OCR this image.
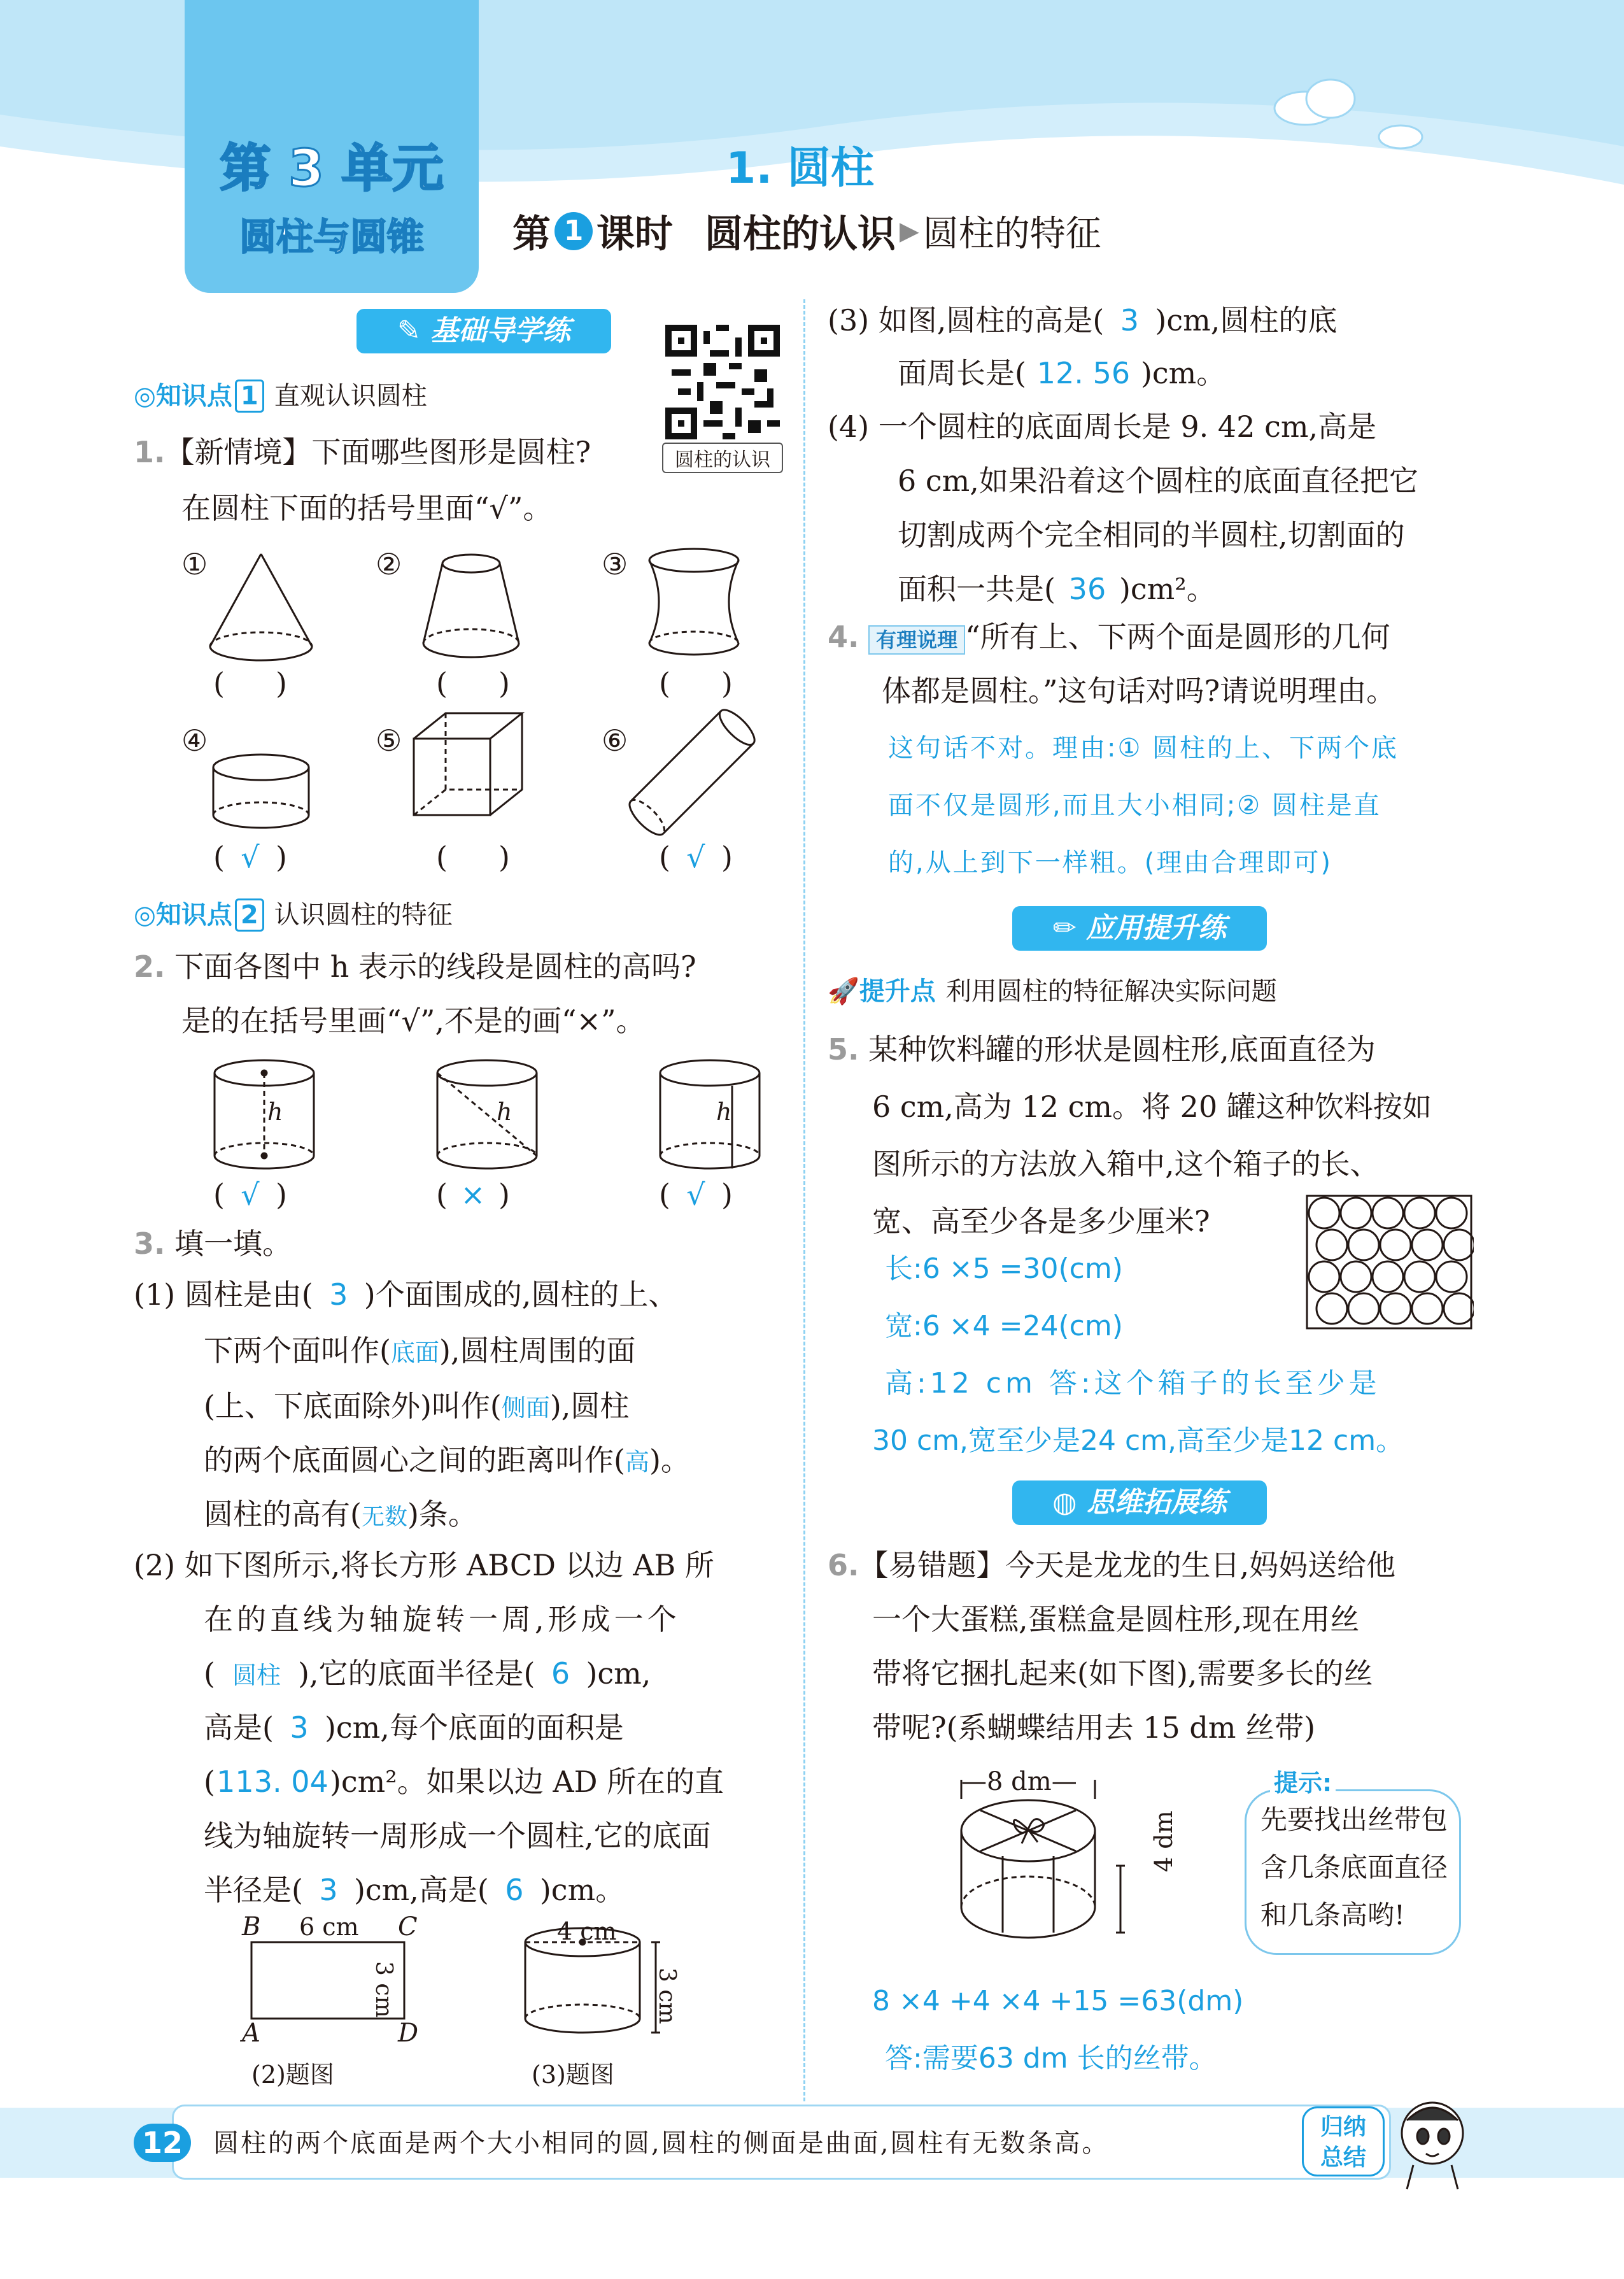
第 3 单元
圆柱与圆锥
1. 圆柱
第 1 课时 圆柱的认识 ▶ 圆柱的特征
✎ 基础导学练
圆柱的认识
◎知识点 1 直观认识圆柱
1.【新情境】下面哪些图形是圆柱?
在圆柱下面的括号里面“√”。
①	②	③
④	⑤	⑥
( )	( )	( )
( √ )	( )	( √ )
◎知识点 2 认识圆柱的特征
2. 下面各图中 h 表示的线段是圆柱的高吗?
是的在括号里画“√”,不是的画“×”。
h	h	h
( √ )	( × )	( √ )
3. 填一填。
(1) 圆柱是由( 3 )个面围成的,圆柱的上、
下两个面叫作(底面),圆柱周围的面
(上、下底面除外)叫作(侧面),圆柱
的两个底面圆心之间的距离叫作(高)。
圆柱的高有(无数)条。
(2) 如下图所示,将长方形 ABCD 以边 AB 所
在的直线为轴旋转一周,形成一个
( 圆柱 ),它的底面半径是( 6 )cm,
高是( 3 )cm,每个底面的面积是
(113. 04)cm²。如果以边 AD 所在的直
线为轴旋转一周形成一个圆柱,它的底面
半径是( 3 )cm,高是( 6 )cm。
B	C
A	D
6 cm
3 cm
(2)题图
4 cm
3 cm
(3)题图
(3) 如图,圆柱的高是( 3 )cm,圆柱的底
面周长是( 12. 56 )cm。
(4) 一个圆柱的底面周长是 9. 42 cm,高是
6 cm,如果沿着这个圆柱的底面直径把它
切割成两个完全相同的半圆柱,切割面的
面积一共是( 36 )cm²。
4. 有理说理 “所有上、下两个面是圆形的几何
体都是圆柱。”这句话对吗?请说明理由。
这句话不对。理由:① 圆柱的上、下两个底
面不仅是圆形,而且大小相同;② 圆柱是直
的,从上到下一样粗。(理由合理即可)
✏ 应用提升练
🚀提升点 利用圆柱的特征解决实际问题
5. 某种饮料罐的形状是圆柱形,底面直径为
6 cm,高为 12 cm。将 20 罐这种饮料按如
图所示的方法放入箱中,这个箱子的长、
宽、高至少各是多少厘米?
长:6 ×5 =30(cm)
宽:6 ×4 =24(cm)
高:12 cm 答:这个箱子的长至少是
30 cm,宽至少是24 cm,高至少是12 cm。
◍ 思维拓展练
6.【易错题】今天是龙龙的生日,妈妈送给他
一个大蛋糕,蛋糕盒是圆柱形,现在用丝
带将它捆扎起来(如下图),需要多长的丝
带呢?(系蝴蝶结用去 15 dm 丝带)
—8 dm—
4 dm
提示:
先要找出丝带包
含几条底面直径
和几条高哟!
8 ×4 +4 ×4 +15 =63(dm)
答:需要63 dm 长的丝带。
12	圆柱的两个底面是两个大小相同的圆,圆柱的侧面是曲面,圆柱有无数条高。
归纳
总结
